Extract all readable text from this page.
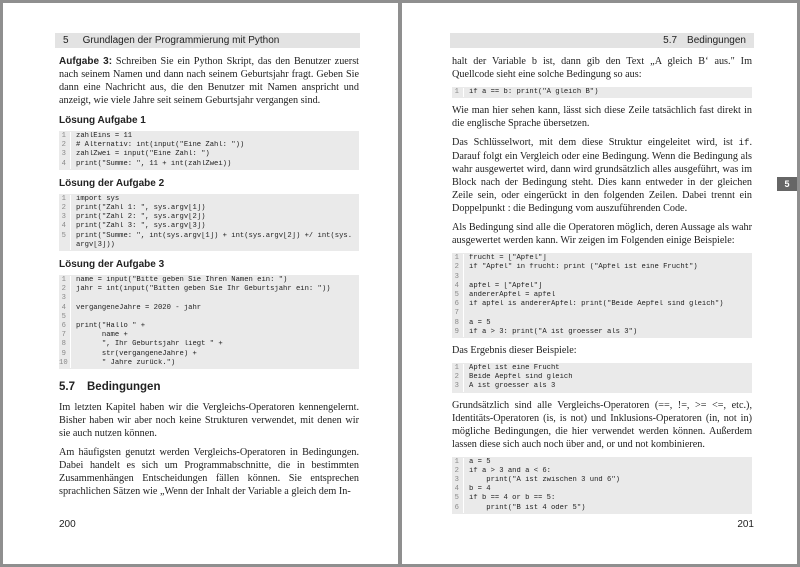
5 Grundlagen der Programmierung mit Python

Aufgabe 3: Schreiben Sie ein Python Skript, das den Benutzer zuerst nach seinem Namen und dann nach seinem Geburtsjahr fragt. Geben Sie dann eine Nachricht aus, die den Benutzer mit Namen anspricht und anzeigt, wie viele Jahre seit seinem Geburtsjahr vergangen sind.

Lösung Aufgabe 1
1	zahlEins = 11
2	# Alternativ: int(input("Eine Zahl: "))
3	zahlZwei = input("Eine Zahl: ")
4	print("Summe: ", 11 + int(zahlZwei))
Lösung der Aufgabe 2
1	import sys
2	print("Zahl 1: ", sys.argv[1])
3	print("Zahl 2: ", sys.argv[2])
4	print("Zahl 3: ", sys.argv[3])
5	print("Summe: ", int(sys.argv[1]) + int(sys.argv[2]) +/ int(sys.
argv[3]))
Lösung der Aufgabe 3
1	name = input("Bitte geben Sie Ihren Namen ein: ")
2	jahr = int(input("Bitten geben Sie Ihr Geburtsjahr ein: "))
3

4	vergangeneJahre = 2020 - jahr
5

6	print("Hallo " +
7	name +
8	", Ihr Geburtsjahr liegt " +
9	str(vergangeneJahre) +
10	" Jahre zurück.")
5.7 Bedingungen

Im letzten Kapitel haben wir die Vergleichs-Operatoren kennengelernt. Bisher haben wir aber noch keine Strukturen verwendet, mit denen wir sie auch nutzen können.

Am häufigsten genutzt werden Vergleichs-Operatoren in Bedingungen. Dabei handelt es sich um Programmabschnitte, die in bestimmten Zusammenhängen Entscheidungen fällen können. Sie entsprechen sprachlichen Sätzen wie „Wenn der Inhalt der Variable a gleich dem In-

200
5.7 Bedingungen

halt der Variable b ist, dann gib den Text „A gleich B‘ aus." Im Quellcode sieht eine solche Bedingung so aus:

1	if a == b: print("A gleich B")

Wie man hier sehen kann, lässt sich diese Zeile tatsächlich fast direkt in die englische Sprache übersetzen.

Das Schlüsselwort, mit dem diese Struktur eingeleitet wird, ist if. Darauf folgt ein Vergleich oder eine Bedingung. Wenn die Bedingung als wahr ausgewertet wird, dann wird grundsätzlich alles ausgeführt, was im Block nach der Bedingung steht. Dies kann entweder in der gleichen Zeile sein, oder eingerückt in den folgenden Zeilen. Dabei trennt ein Doppelpunkt : die Bedingung vom auszuführenden Code.

Als Bedingung sind alle die Operatoren möglich, deren Aussage als wahr ausgewertet werden kann. Wir zeigen im Folgenden einige Beispiele:

1	frucht = ["Apfel"]
2	if "Apfel" in frucht: print ("Apfel ist eine Frucht")
3

4	apfel = ["Apfel"]
5	andererApfel = apfel
6	if apfel is andererApfel: print("Beide Aepfel sind gleich")
7

8	a = 5
9	if a > 3: print("A ist groesser als 3")

Das Ergebnis dieser Beispiele:

1	Apfel ist eine Frucht
2	Beide Aepfel sind gleich
3	A ist groesser als 3

Grundsätzlich sind alle Vergleichs-Operatoren (==, !=, >= <=, etc.), Identitäts-Operatoren (is, is not) und Inklusions-Operatoren (in, not in) mögliche Bedingungen, die hier verwendet werden können. Außerdem lassen diese sich auch noch über and, or und not kombinieren.

1	a = 5
2	if a > 3 and a < 6:
3	print("A ist zwischen 3 und 6")
4	b = 4
5	if b == 4 or b == 5:
6	print("B ist 4 oder 5")
201
5
